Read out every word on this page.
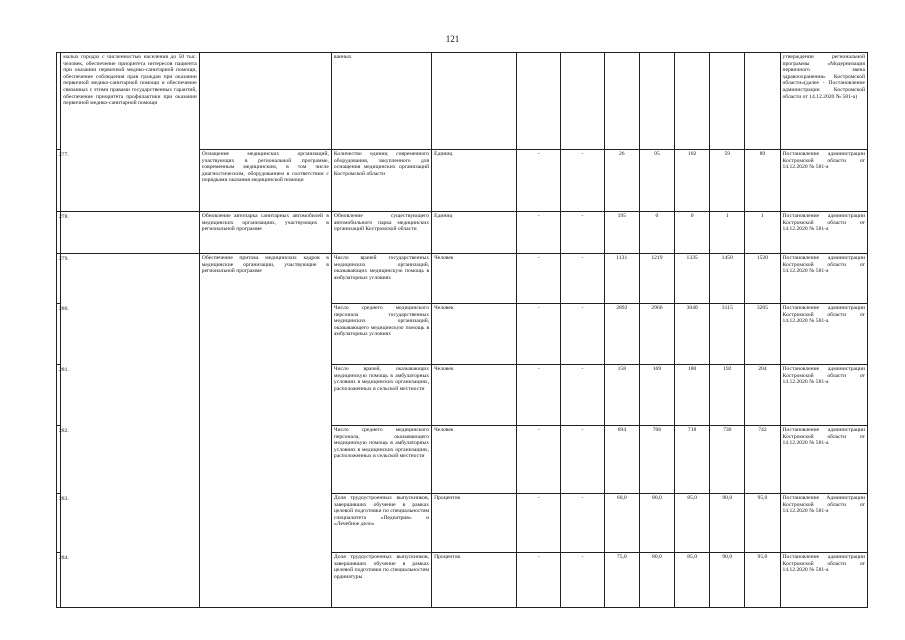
121
	малых городах с численностью населения до 50 тыс. человек, обеспечение приоритета интересов пациента при оказании первичной медико-санитарной помощи, обеспечение соблюдения прав граждан при оказании первичной медико-санитарной помощи и обеспечение связанных с этими правами государственных гарантий, обеспечение приоритета профилактики при оказании первичной медико-санитарной помощи		ванных									утверждении региональной программы «Модернизация первичного звена здравоохранения» Костромской области»(далее - Постановление администрации Костромской области от 14.12.2020 № 581-а)
277.		Оснащение медицинских организаций, участвующих в региональной программе, современным медицинским, в том числе диагностическим, оборудованием в соответствии с порядками оказания медицинской помощи	Количество единиц современного оборудования, закупленного для оснащения медицинских организаций Костромской области	Единиц	-	-	26	95	102	59	89	Постановление администрации Костромской области от 14.12.2020 № 581-а
278.		Обновление автопарка санитарных автомобилей в медицинских организациях, участвующих в региональной программе	Обновление существующего автомобильного парка медицинских организаций Костромской области	Единиц	-	-	195	0	0	1	1	Постановление администрации Костромской области от 14.12.2020 № 581-а
279.		Обеспечение притока медицинских кадров в медицинские организации, участвующие в региональной программе	Число врачей государственных медицинских организаций, оказывающих медицинскую помощь в амбулаторных условиях	Человек	-	-	1131	1219	1335	1450	1520	Постановление администрации Костромской области от 14.12.2020 № 581-а
280.			Число среднего медицинского персонала государственных медицинских организаций, оказывающего медицинскую помощь в амбулаторных условиях	Человек	-	-	2892	2966	3040	3115	3205	Постановление администрации Костромской области от 14.12.2020 № 581-а
281.			Число врачей, оказывающих медицинскую помощь в амбулаторных условиях в медицинских организациях, расположенных в сельской местности	Человек	-	-	158	169	180	192	204	Постановление администрации Костромской области от 14.12.2020 № 581-а
282.			Число среднего медицинского персонала, оказывающего медицинскую помощь в амбулаторных условиях в медицинских организациях, расположенных в сельской местности	Человек	-	-	694	706	718	730	742	Постановление администрации Костромской области от 14.12.2020 № 581-а
283.			Доля трудоустроенных выпускников, завершивших обучение в рамках целевой подготовки по специальностям специалитета «Педиатрия» и «Лечебное дело»	Процентов	-	-	60,0	80,0	85,0	90,0	95,0	Постановление Администрации Костромской области от 14.12.2020 № 581-а
284.			Доля трудоустроенных выпускников, завершивших обучение в рамках целевой подготовки по специальностям ординатуры	Процентов	-	-	75,0	80,0	85,0	90,0	95,0	Постановление администрации Костромской области от 14.12.2020 № 581-а
